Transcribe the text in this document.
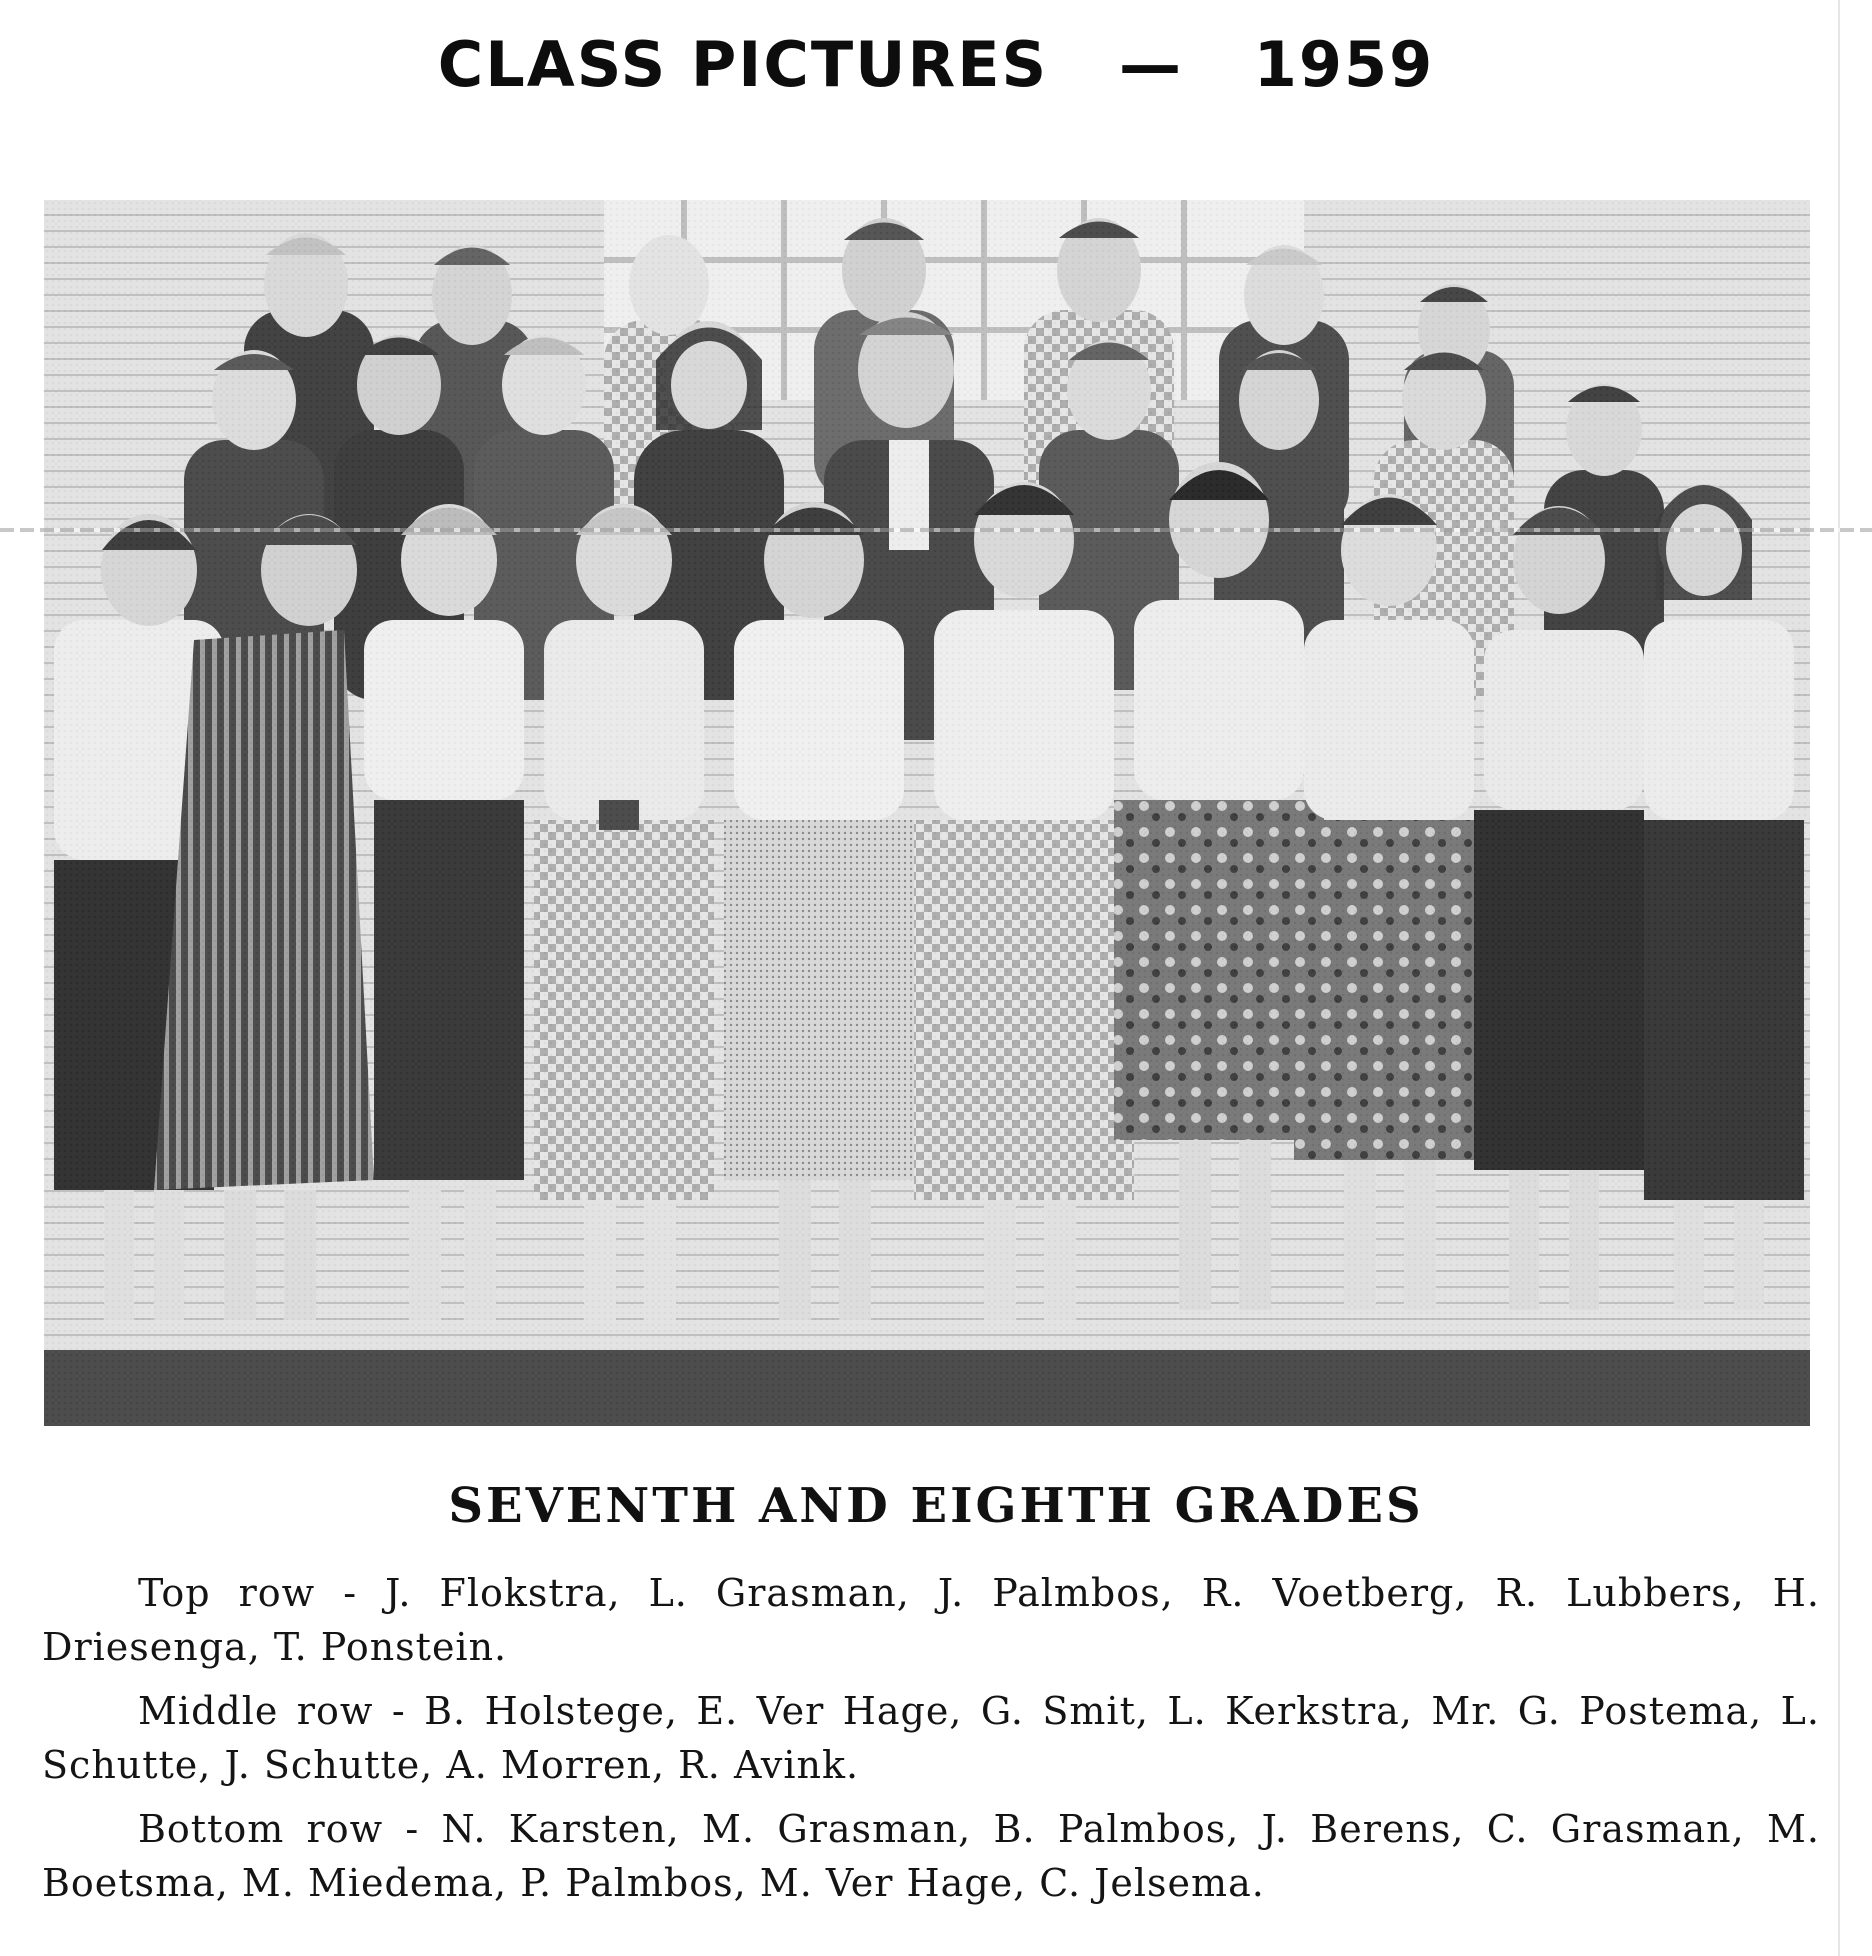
CLASS PICTURES   —   1959
SEVENTH AND EIGHTH GRADES

Top row - J. Flokstra, L. Grasman, J. Palmbos, R. Voetberg, R. Lubbers, H. Driesenga, T. Ponstein.

Middle row - B. Holstege, E. Ver Hage, G. Smit, L. Kerkstra, Mr. G. Postema, L. Schutte, J. Schutte, A. Morren, R. Avink.

Bottom row - N. Karsten, M. Grasman, B. Palmbos, J. Berens, C. Grasman, M. Boetsma, M. Miedema, P. Palmbos, M. Ver Hage, C. Jelsema.
